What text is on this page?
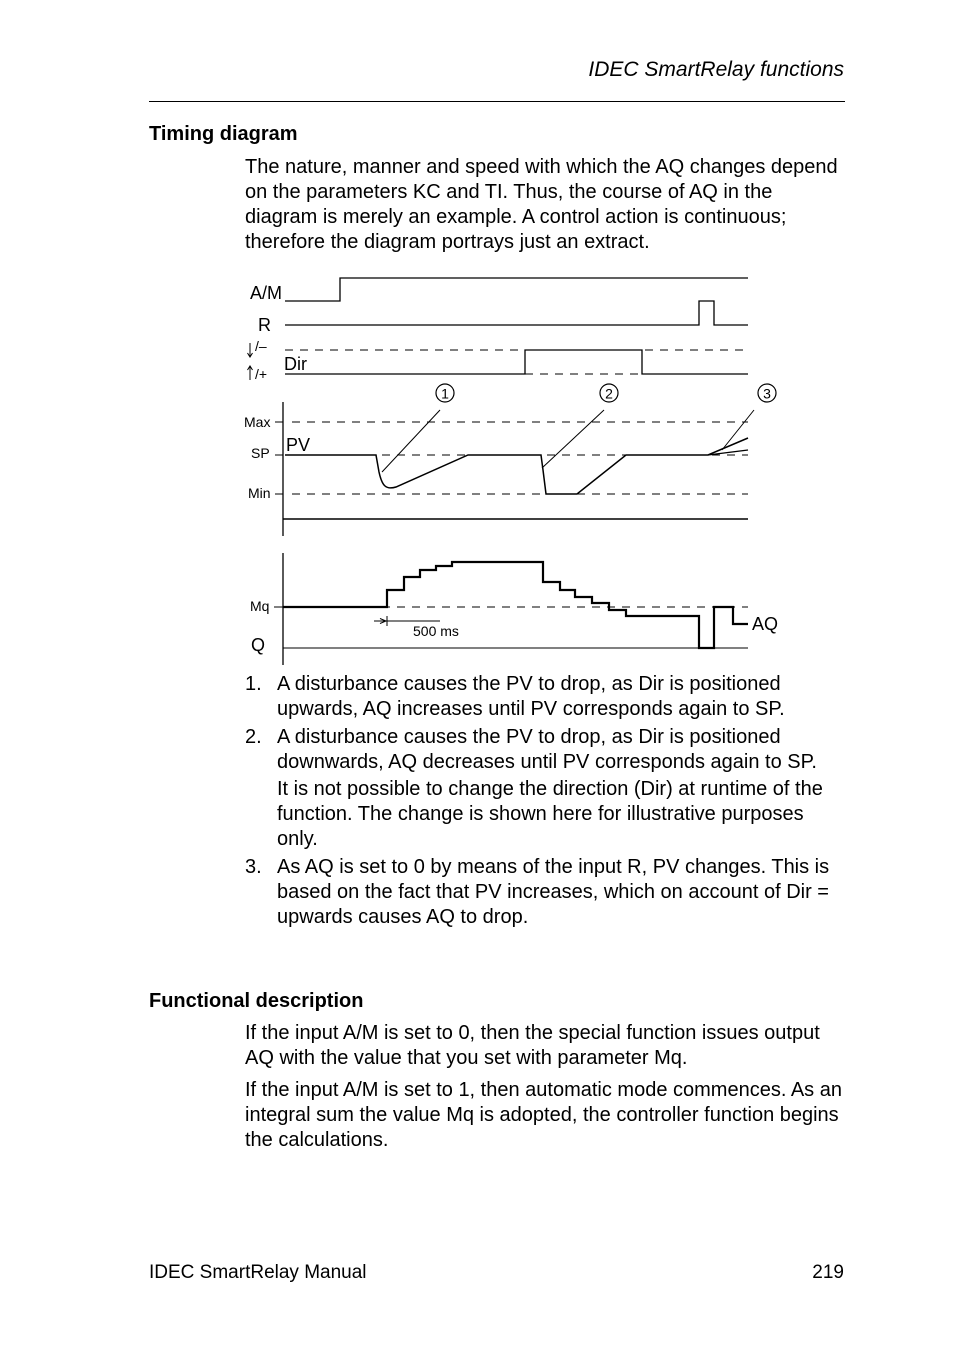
IDEC SmartRelay functions
Timing diagram

The nature, manner and speed with which the AQ changes depend on the parameters KC and TI. Thus, the course of AQ in the diagram is merely an example. A control action is continuous; therefore the diagram portrays just an extract.

A/M
R
/–
/+ Dir
1	2	3
Max
SP
Min
PV
Mq
Q
AQ
500 ms
1. A disturbance causes the PV to drop, as Dir is positioned upwards, AQ increases until PV corresponds again to SP.
2. A disturbance causes the PV to drop, as Dir is positioned downwards, AQ decreases until PV corresponds again to SP.
It is not possible to change the direction (Dir) at runtime of the function. The change is shown here for illustrative purposes only.
3. As AQ is set to 0 by means of the input R, PV changes. This is based on the fact that PV increases, which on account of Dir = upwards causes AQ to drop.
Functional description

If the input A/M is set to 0, then the special function issues output AQ with the value that you set with parameter Mq.

If the input A/M is set to 1, then automatic mode commences. As an integral sum the value Mq is adopted, the controller function begins the calculations.

IDEC SmartRelay Manual	219
